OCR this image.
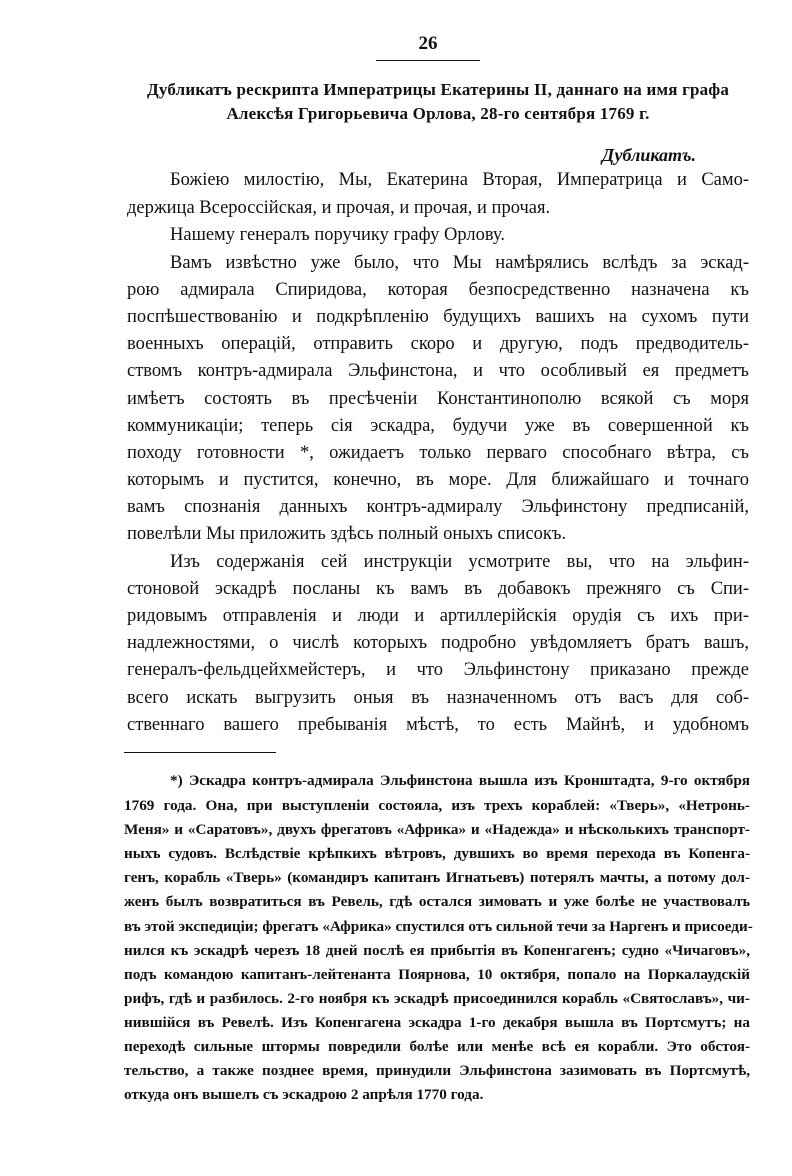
26
Дубликатъ рескрипта Императрицы Екатерины II, даннаго на имя графа
Алексѣя Григорьевича Орлова, 28-го сентября 1769 г.
Дубликатъ.
Божiею милостiю, Мы, Екатерина Вторая, Императрица и Само-
держица Всероссiйская, и прочая, и прочая, и прочая.
Нашему генералъ поручику графу Орлову.
Вамъ извѣстно уже было, что Мы намѣрялись вслѣдъ за эскад-
рою адмирала Спиридова, которая безпосредственно назначена къ
поспѣшествованiю и подкрѣпленiю будущихъ вашихъ на сухомъ пути
военныхъ операцiй, отправить скоро и другую, подъ предводитель-
ствомъ контръ-адмирала Эльфинстона, и что особливый ея предметъ
имѣетъ состоять въ пресѣченiи Константинополю всякой съ моря
коммуникацiи; теперь сiя эскадра, будучи уже въ совершенной къ
походу готовности *, ожидаетъ только перваго способнаго вѣтра, съ
которымъ и пустится, конечно, въ море. Для ближайшаго и точнаго
вамъ спознанiя данныхъ контръ-адмиралу Эльфинстону предписанiй,
повелѣли Мы приложить здѣсь полный оныхъ списокъ.
Изъ содержанiя сей инструкцiи усмотрите вы, что на эльфин-
стоновой эскадрѣ посланы къ вамъ въ добавокъ прежняго съ Спи-
ридовымъ отправленiя и люди и артиллерiйскiя орудiя съ ихъ при-
надлежностями, о числѣ которыхъ подробно увѣдомляетъ братъ вашъ,
генералъ-фельдцейхмейстеръ, и что Эльфинстону приказано прежде
всего искать выгрузить оныя въ назначенномъ отъ васъ для соб-
ственнаго вашего пребыванiя мѣстѣ, то есть Майнѣ, и удобномъ
*) Эскадра контръ-адмирала Эльфинстона вышла изъ Кронштадта, 9-го октября
1769 года. Она, при выступленiи состояла, изъ трехъ кораблей: «Тверь», «Нетронь-
Меня» и «Саратовъ», двухъ фрегатовъ «Африка» и «Надежда» и нѣсколькихъ транспорт-
ныхъ судовъ. Вслѣдствiе крѣпкихъ вѣтровъ, дувшихъ во время перехода въ Копенга-
генъ, корабль «Тверь» (командиръ капитанъ Игнатьевъ) потерялъ мачты, а потому дол-
женъ былъ возвратиться въ Ревель, гдѣ остался зимовать и уже болѣе не участвовалъ
въ этой экспедицiи; фрегатъ «Африка» спустился отъ сильной течи за Наргенъ и присоеди-
нился къ эскадрѣ черезъ 18 дней послѣ ея прибытiя въ Копенгагенъ; судно «Чичаговъ»,
подъ командою капитанъ-лейтенанта Поярнова, 10 октября, попало на Поркалаудскiй
рифъ, гдѣ и разбилось. 2-го ноября къ эскадрѣ присоединился корабль «Святославъ», чи-
нившiйся въ Ревелѣ. Изъ Копенгагена эскадра 1-го декабря вышла въ Портсмутъ; на
переходѣ сильные штормы повредили болѣе или менѣе всѣ ея корабли. Это обстоя-
тельство, а также позднее время, принудили Эльфинстона зазимовать въ Портсмутѣ,
откуда онъ вышелъ съ эскадрою 2 апрѣля 1770 года.
